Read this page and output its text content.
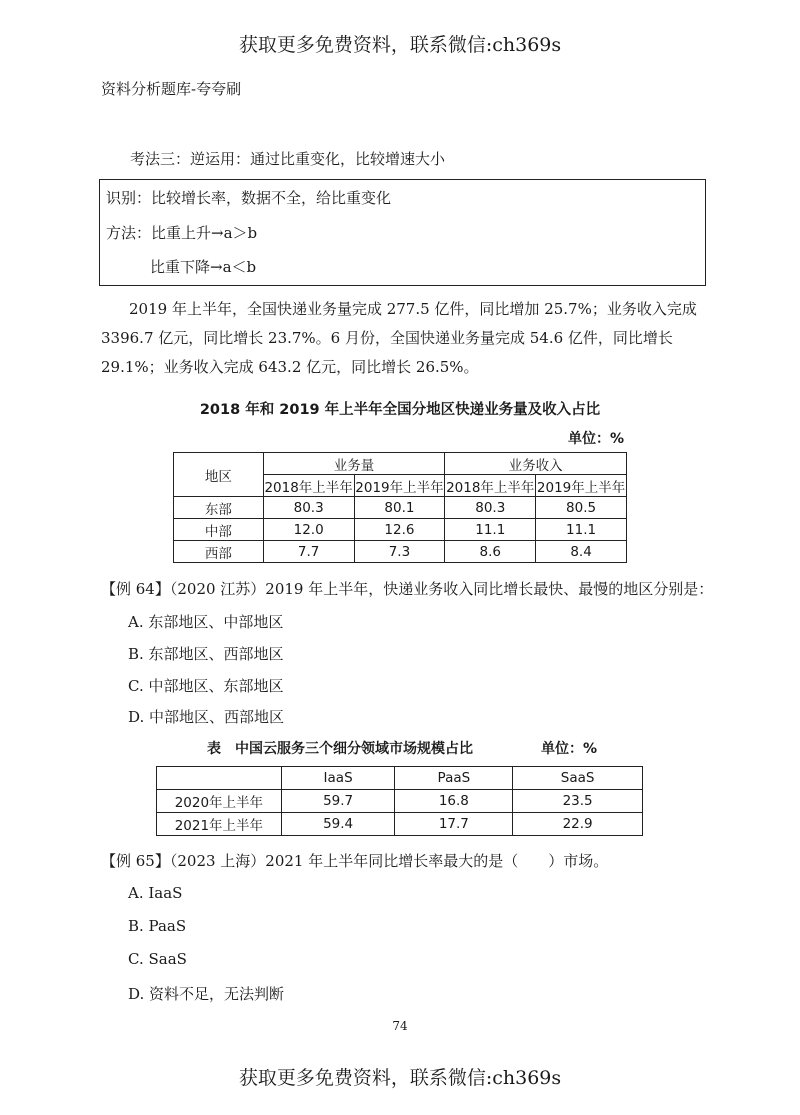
获取更多免费资料，联系微信:ch369s
资料分析题库-夸夸刷
考法三：逆运用：通过比重变化，比较增速大小
识别：比较增长率，数据不全，给比重变化
方法：比重上升→a＞b
比重下降→a＜b
2019 年上半年，全国快递业务量完成 277.5 亿件，同比增加 25.7%；业务收入完成 3396.7 亿元，同比增长 23.7%。6 月份，全国快递业务量完成 54.6 亿件，同比增长 29.1%；业务收入完成 643.2 亿元，同比增长 26.5%。
2018 年和 2019 年上半年全国分地区快递业务量及收入占比
单位：%
地区	业务量		业务收入	
	2018年上半年	2019年上半年	2018年上半年	2019年上半年
东部	80.3	80.1	80.3	80.5
中部	12.0	12.6	11.1	11.1
西部	7.7	7.3	8.6	8.4
【例 64】（2020 江苏）2019 年上半年，快递业务收入同比增长最快、最慢的地区分别是：
A. 东部地区、中部地区
B. 东部地区、西部地区
C. 中部地区、东部地区
D. 中部地区、西部地区
表　中国云服务三个细分领域市场规模占比	单位：%
	IaaS	PaaS	SaaS
2020年上半年	59.7	16.8	23.5
2021年上半年	59.4	17.7	22.9
【例 65】（2023 上海）2021 年上半年同比增长率最大的是（　　）市场。
A. IaaS
B. PaaS
C. SaaS
D. 资料不足，无法判断
74
获取更多免费资料，联系微信:ch369s
